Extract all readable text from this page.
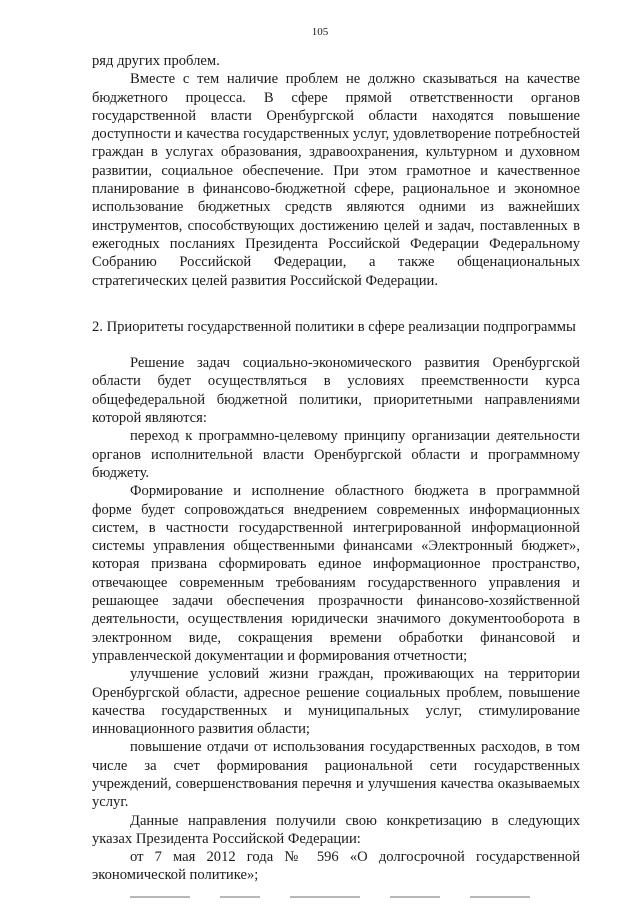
105

ряд других проблем.

Вместе с тем наличие проблем не должно сказываться на качестве бюджетного процесса. В сфере прямой ответственности органов государственной власти Оренбургской области находятся повышение доступности и качества государственных услуг, удовлетворение потребностей граждан в услугах образования, здравоохранения, культурном и духовном развитии, социальное обеспечение. При этом грамотное и качественное планирование в финансово-бюджетной сфере, рациональное и экономное использование бюджетных средств являются одними из важнейших инструментов, способствующих достижению целей и задач, поставленных в ежегодных посланиях Президента Российской Федерации Федеральному Собранию Российской Федерации, а также общенациональных стратегических целей развития Российской Федерации.

2. Приоритеты государственной политики в сфере реализации подпрограммы

Решение задач социально-экономического развития Оренбургской области будет осуществляться в условиях преемственности курса общефедеральной бюджетной политики, приоритетными направлениями которой являются:

переход к программно-целевому принципу организации деятельности органов исполнительной власти Оренбургской области и программному бюджету.

Формирование и исполнение областного бюджета в программной форме будет сопровождаться внедрением современных информационных систем, в частности государственной интегрированной информационной системы управления общественными финансами «Электронный бюджет», которая призвана сформировать единое информационное пространство, отвечающее современным требованиям государственного управления и решающее задачи обеспечения прозрачности финансово-хозяйственной деятельности, осуществления юридически значимого документооборота в электронном виде, сокращения времени обработки финансовой и управленческой документации и формирования отчетности;

улучшение условий жизни граждан, проживающих на территории Оренбургской области, адресное решение социальных проблем, повышение качества государственных и муниципальных услуг, стимулирование инновационного развития области;

повышение отдачи от использования государственных расходов, в том числе за счет формирования рациональной сети государственных учреждений, совершенствования перечня и улучшения качества оказываемых услуг.

Данные направления получили свою конкретизацию в следующих указах Президента Российской Федерации:

от 7 мая 2012 года № 596 «О долгосрочной государственной экономической политике»;
